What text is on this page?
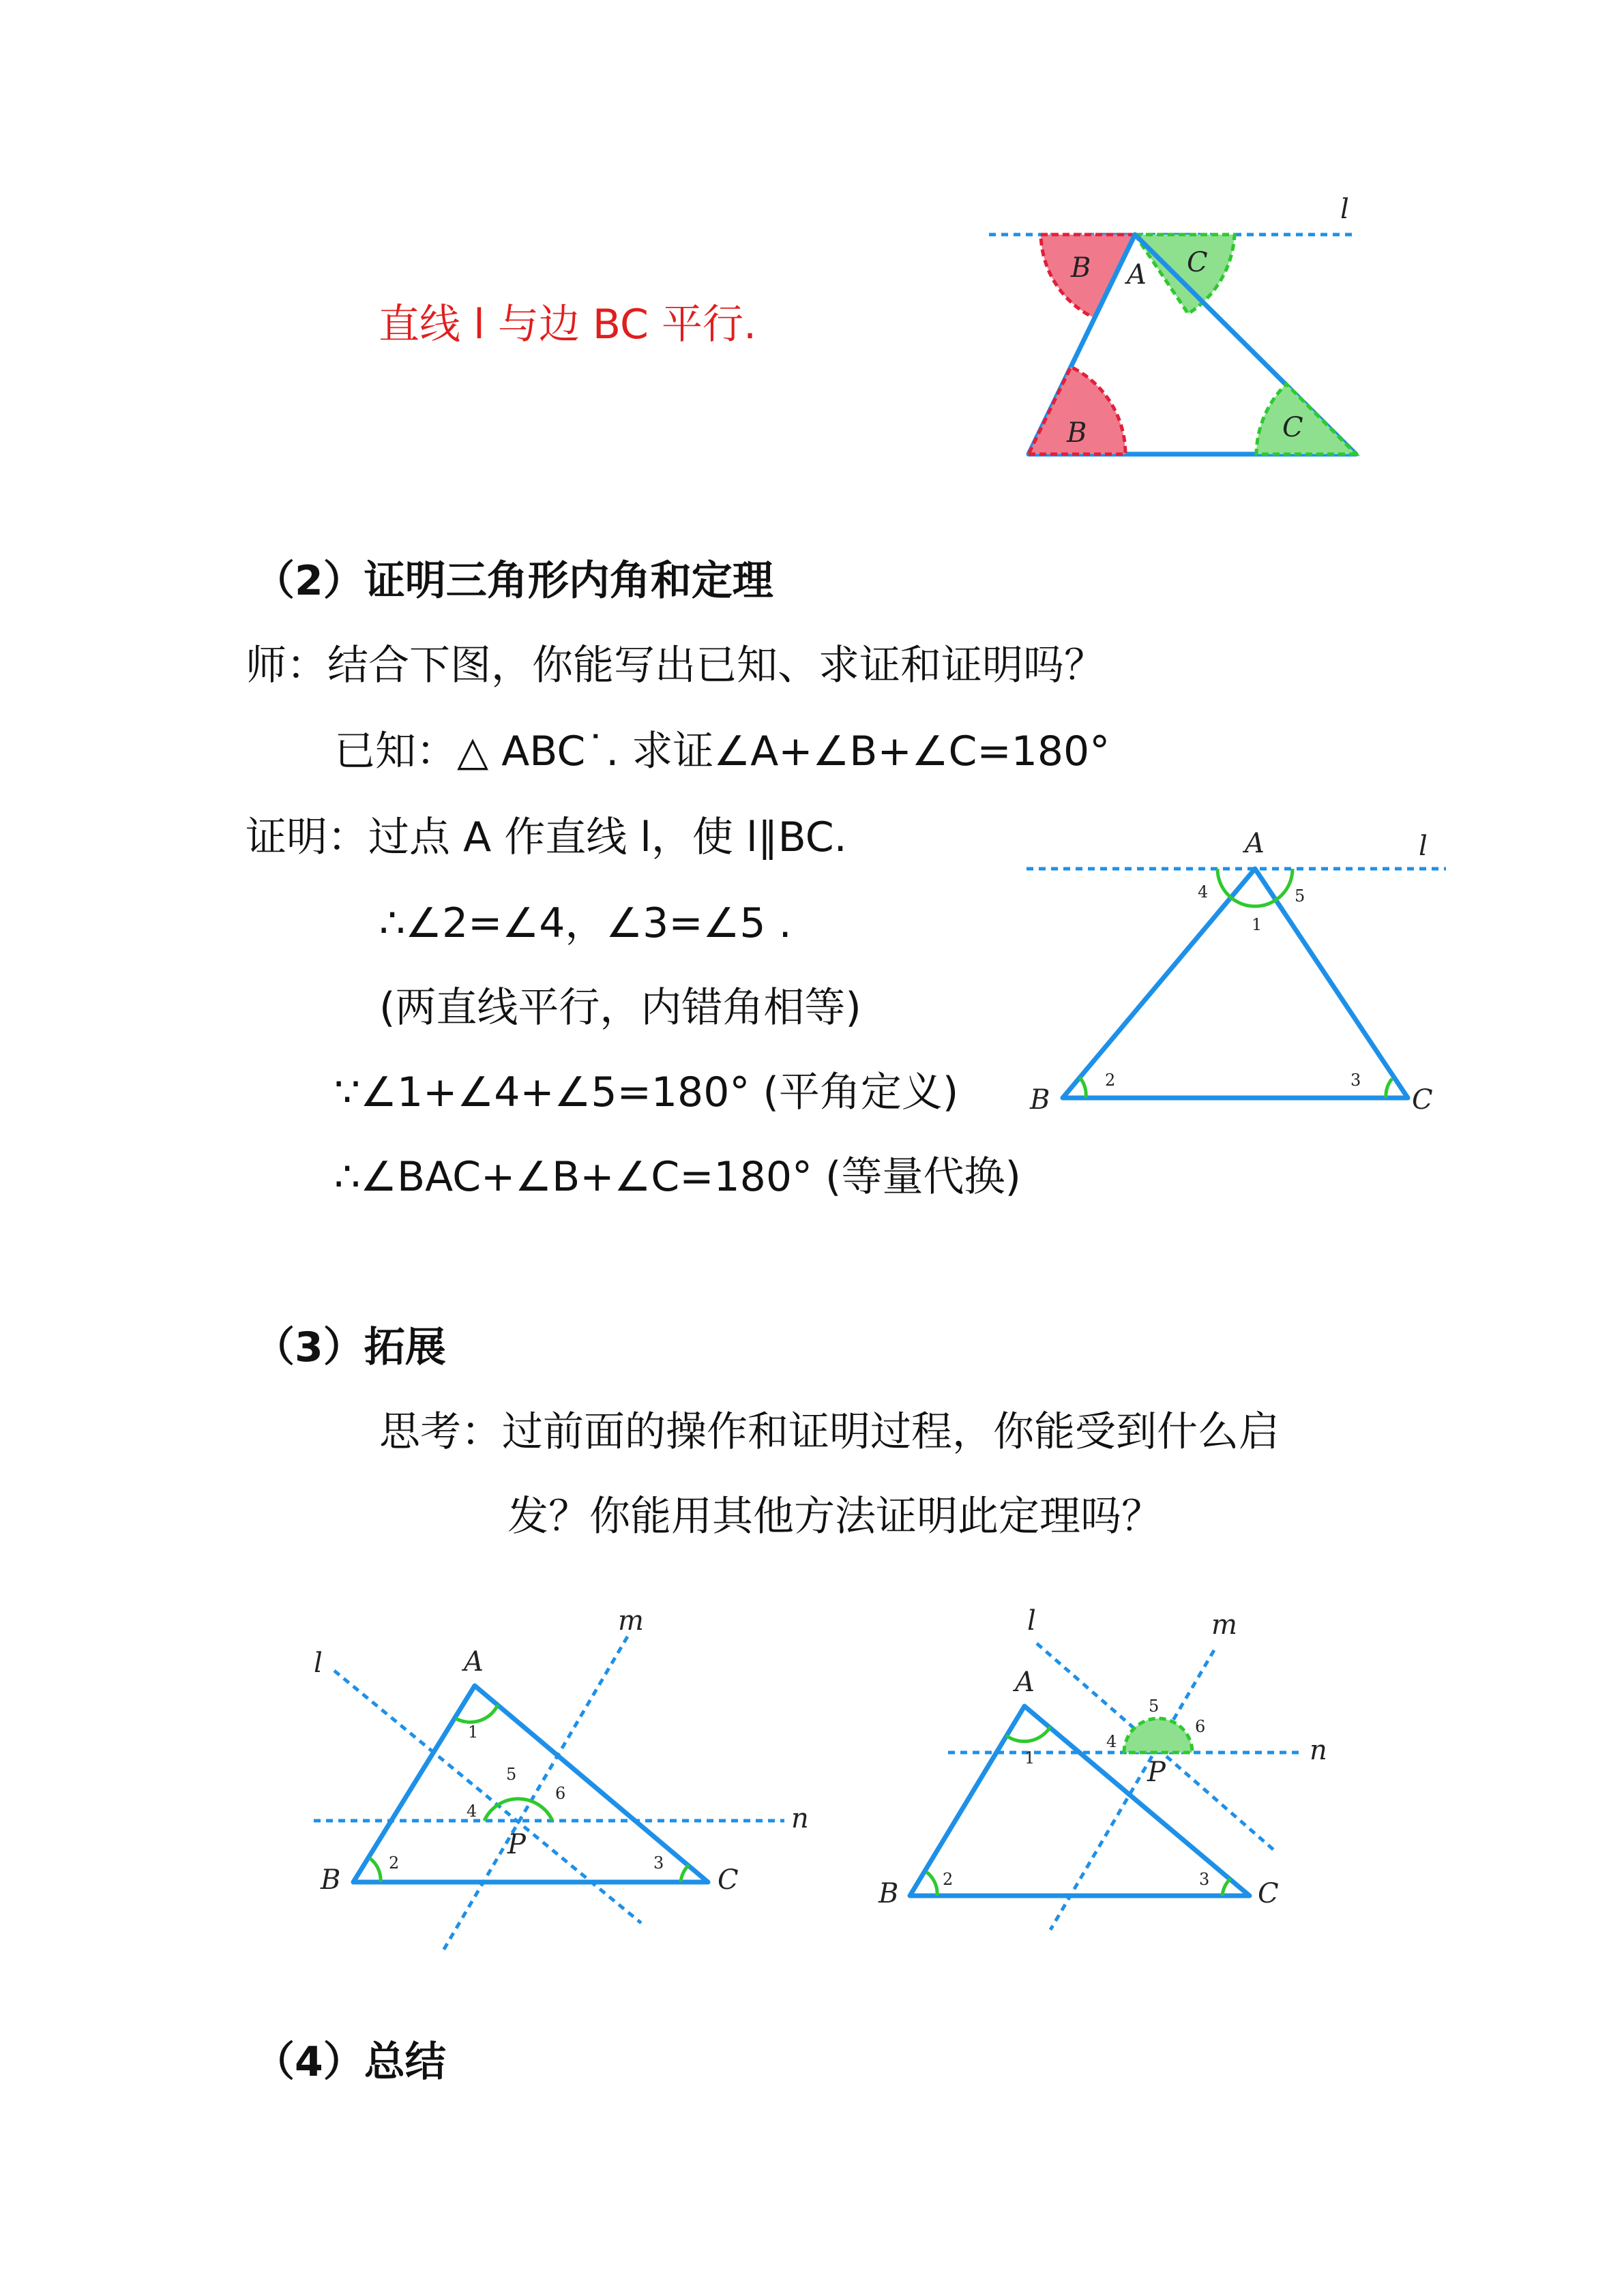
直线 l 与边 BC 平行.
l
B	C
A
B	C
（2）证明三角形内角和定理
师：结合下图，你能写出已知、求证和证明吗？
已知：△ ABC˙. 求证∠A+∠B+∠C=180°
证明：过点 A 作直线 l，使 l∥BC.
∴∠2=∠4，∠3=∠5 .
(两直线平行，内错角相等)
∵∠1+∠4+∠5=180° (平角定义)
∴∠BAC+∠B+∠C=180° (等量代换)
A	l
B	C
1
2	3
4	5
（3）拓展
思考：过前面的操作和证明过程，你能受到什么启
发？你能用其他方法证明此定理吗？
A
B	C
P
l
m
n
1
2	3
4
5
6
A
B	C
P
l	m
n
1
2	3
4
5
6
（4）总结
